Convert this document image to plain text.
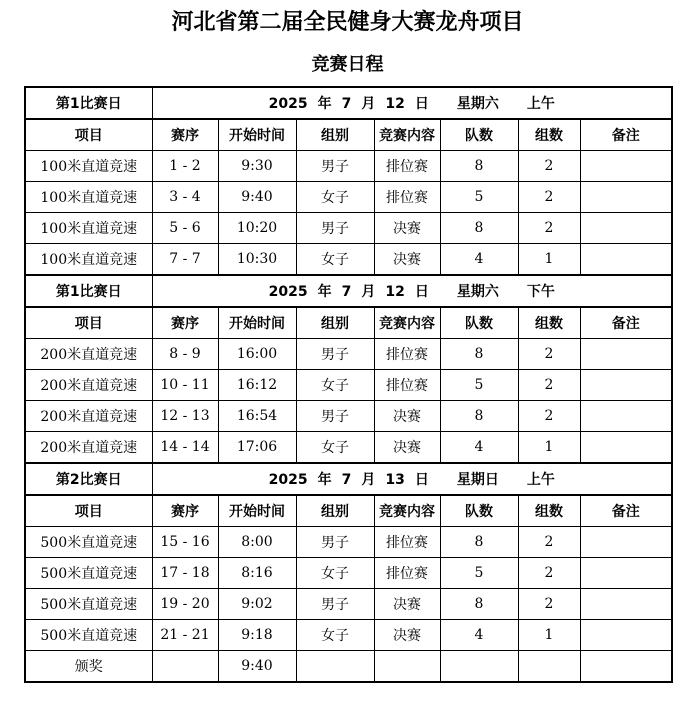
河北省第二届全民健身大赛龙舟项目
竞赛日程
第1比赛日	2025 年 7 月 12 日 星期六 上午						
项目	赛序	开始时间	组别	竞赛内容	队数	组数	备注
100米直道竞速	1 - 2	9:30	男子	排位赛	8	2	
100米直道竞速	3 - 4	9:40	女子	排位赛	5	2	
100米直道竞速	5 - 6	10:20	男子	决赛	8	2	
100米直道竞速	7 - 7	10:30	女子	决赛	4	1	
第1比赛日	2025 年 7 月 12 日 星期六 下午						
项目	赛序	开始时间	组别	竞赛内容	队数	组数	备注
200米直道竞速	8 - 9	16:00	男子	排位赛	8	2	
200米直道竞速	10 - 11	16:12	女子	排位赛	5	2	
200米直道竞速	12 - 13	16:54	男子	决赛	8	2	
200米直道竞速	14 - 14	17:06	女子	决赛	4	1	
第2比赛日	2025 年 7 月 13 日 星期日 上午						
项目	赛序	开始时间	组别	竞赛内容	队数	组数	备注
500米直道竞速	15 - 16	8:00	男子	排位赛	8	2	
500米直道竞速	17 - 18	8:16	女子	排位赛	5	2	
500米直道竞速	19 - 20	9:02	男子	决赛	8	2	
500米直道竞速	21 - 21	9:18	女子	决赛	4	1	
颁奖		9:40					
